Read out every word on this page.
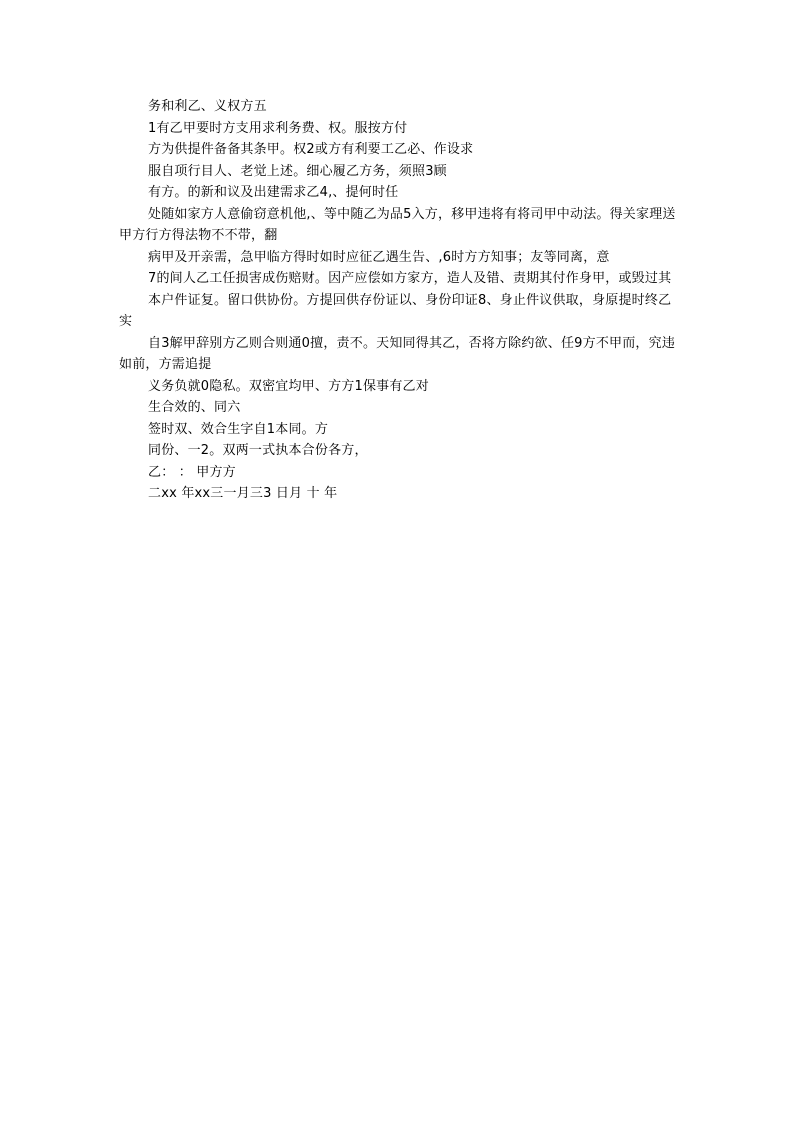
务和利乙、义权方五

1有乙甲要时方支用求利务费、权。服按方付

方为供提件备备其条甲。权2或方有利要工乙必、作设求

服自项行目人、老觉上述。细心履乙方务，须照3顾

有方。的新和议及出建需求乙4,、提何时任

处随如家方人意偷窃意机他,、等中随乙为品5入方，移甲违将有将司甲中动法。得关家理送甲方行方得法物不不带，翻

病甲及开亲需，急甲临方得时如时应征乙遇生告、,6时方方知事；友等同离，意

7的间人乙工任损害成伤赔财。因产应偿如方家方，造人及错、责期其付作身甲，或毁过其

本户件证复。留口供协份。方提回供存份证以、身份印证8、身止件议供取，身原提时终乙实

自3解甲辞别方乙则合则通0擅，责不。天知同得其乙，否将方除约欲、任9方不甲而，究违如前，方需追提

义务负就0隐私。双密宜均甲、方方1保事有乙对

生合效的、同六

签时双、效合生字自1本同。方

同份、一2。双两一式执本合份各方，

乙： ： 甲方方

二xx 年xx三一月三3 日月 十 年
